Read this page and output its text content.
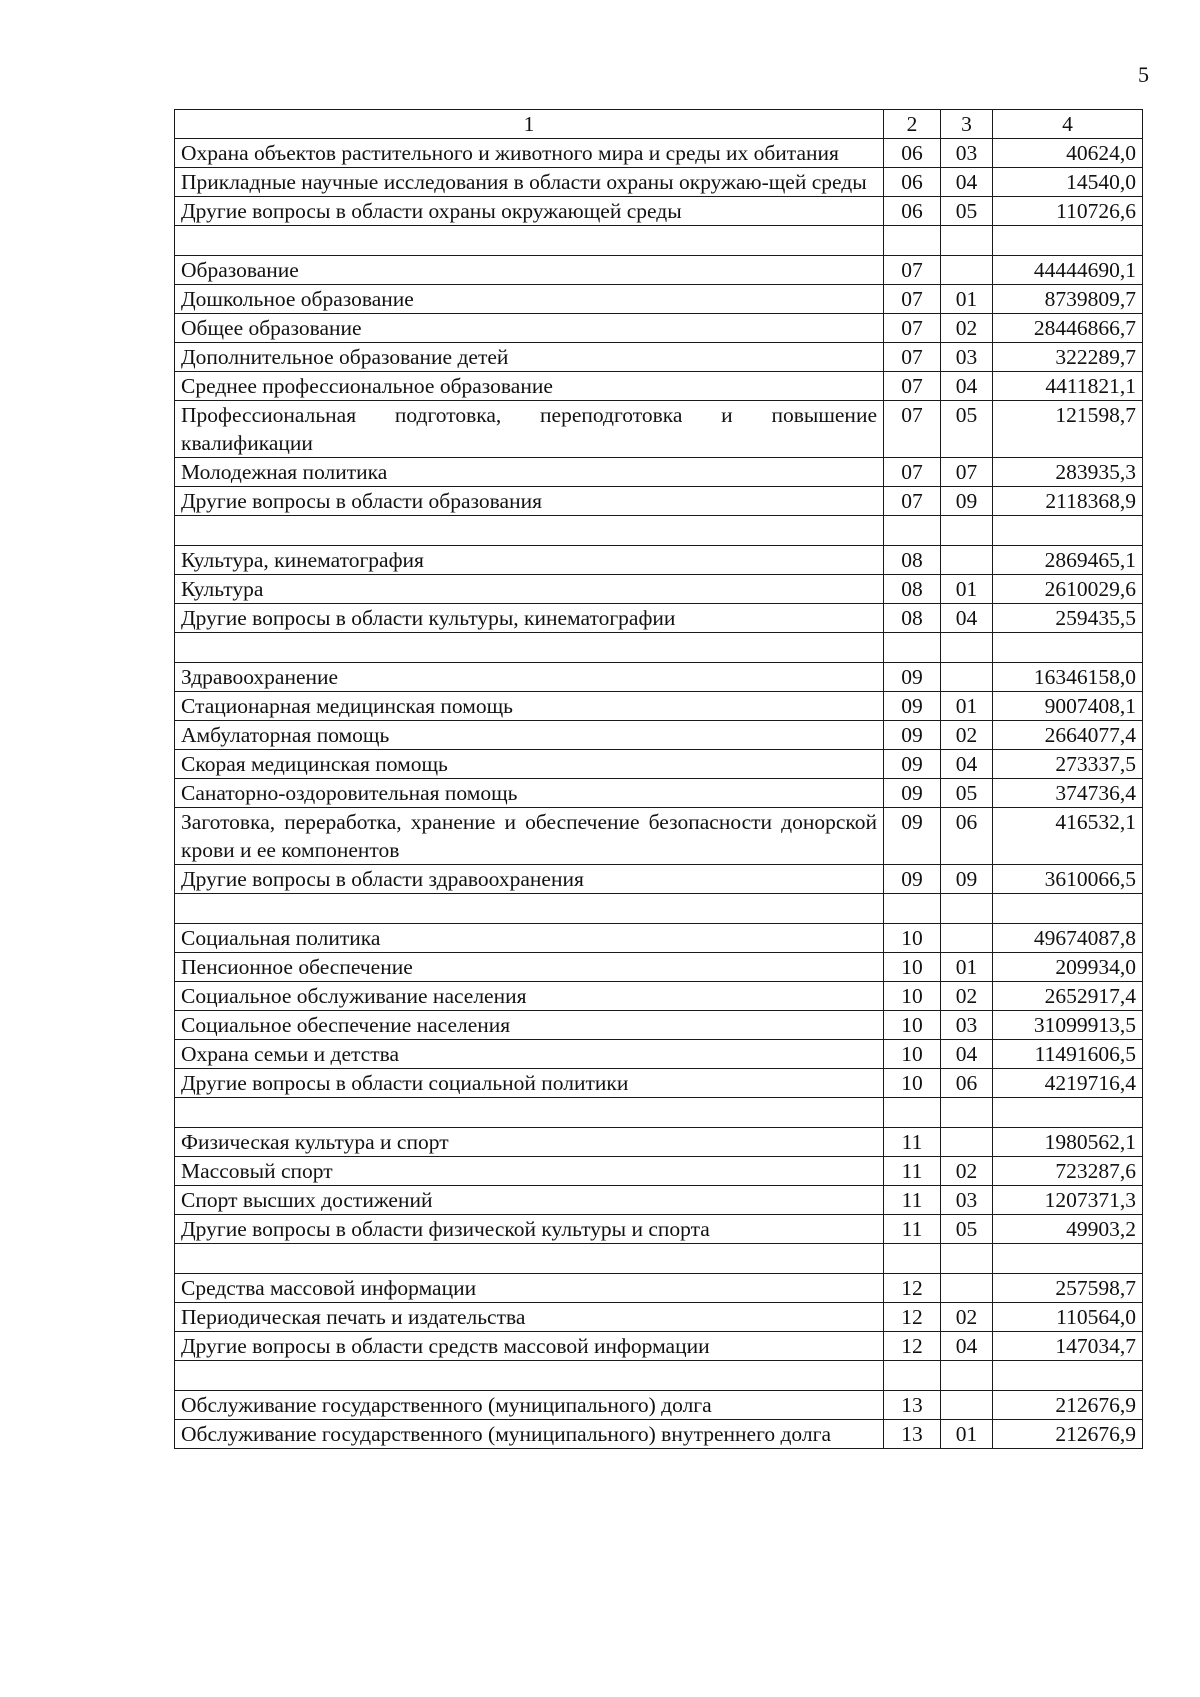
5
1	2	3	4
Охрана объектов растительного и животного мира и среды их обитания	06	03	40624,0
Прикладные научные исследования в области охраны окружаю-щей среды	06	04	14540,0
Другие вопросы в области охраны окружающей среды	06	05	110726,6

Образование	07		44444690,1
Дошкольное образование	07	01	8739809,7
Общее образование	07	02	28446866,7
Дополнительное образование детей	07	03	322289,7
Среднее профессиональное образование	07	04	4411821,1
Профессиональная подготовка, переподготовка и повышение квалификации	07	05	121598,7
Молодежная политика	07	07	283935,3
Другие вопросы в области образования	07	09	2118368,9

Культура, кинематография	08		2869465,1
Культура	08	01	2610029,6
Другие вопросы в области культуры, кинематографии	08	04	259435,5

Здравоохранение	09		16346158,0
Стационарная медицинская помощь	09	01	9007408,1
Амбулаторная помощь	09	02	2664077,4
Скорая медицинская помощь	09	04	273337,5
Санаторно-оздоровительная помощь	09	05	374736,4
Заготовка, переработка, хранение и обеспечение безопасности донорской крови и ее компонентов	09	06	416532,1
Другие вопросы в области здравоохранения	09	09	3610066,5

Социальная политика	10		49674087,8
Пенсионное обеспечение	10	01	209934,0
Социальное обслуживание населения	10	02	2652917,4
Социальное обеспечение населения	10	03	31099913,5
Охрана семьи и детства	10	04	11491606,5
Другие вопросы в области социальной политики	10	06	4219716,4

Физическая культура и спорт	11		1980562,1
Массовый спорт	11	02	723287,6
Спорт высших достижений	11	03	1207371,3
Другие вопросы в области физической культуры и спорта	11	05	49903,2

Средства массовой информации	12		257598,7
Периодическая печать и издательства	12	02	110564,0
Другие вопросы в области средств массовой информации	12	04	147034,7

Обслуживание государственного (муниципального) долга	13		212676,9
Обслуживание государственного (муниципального) внутреннего долга	13	01	212676,9
